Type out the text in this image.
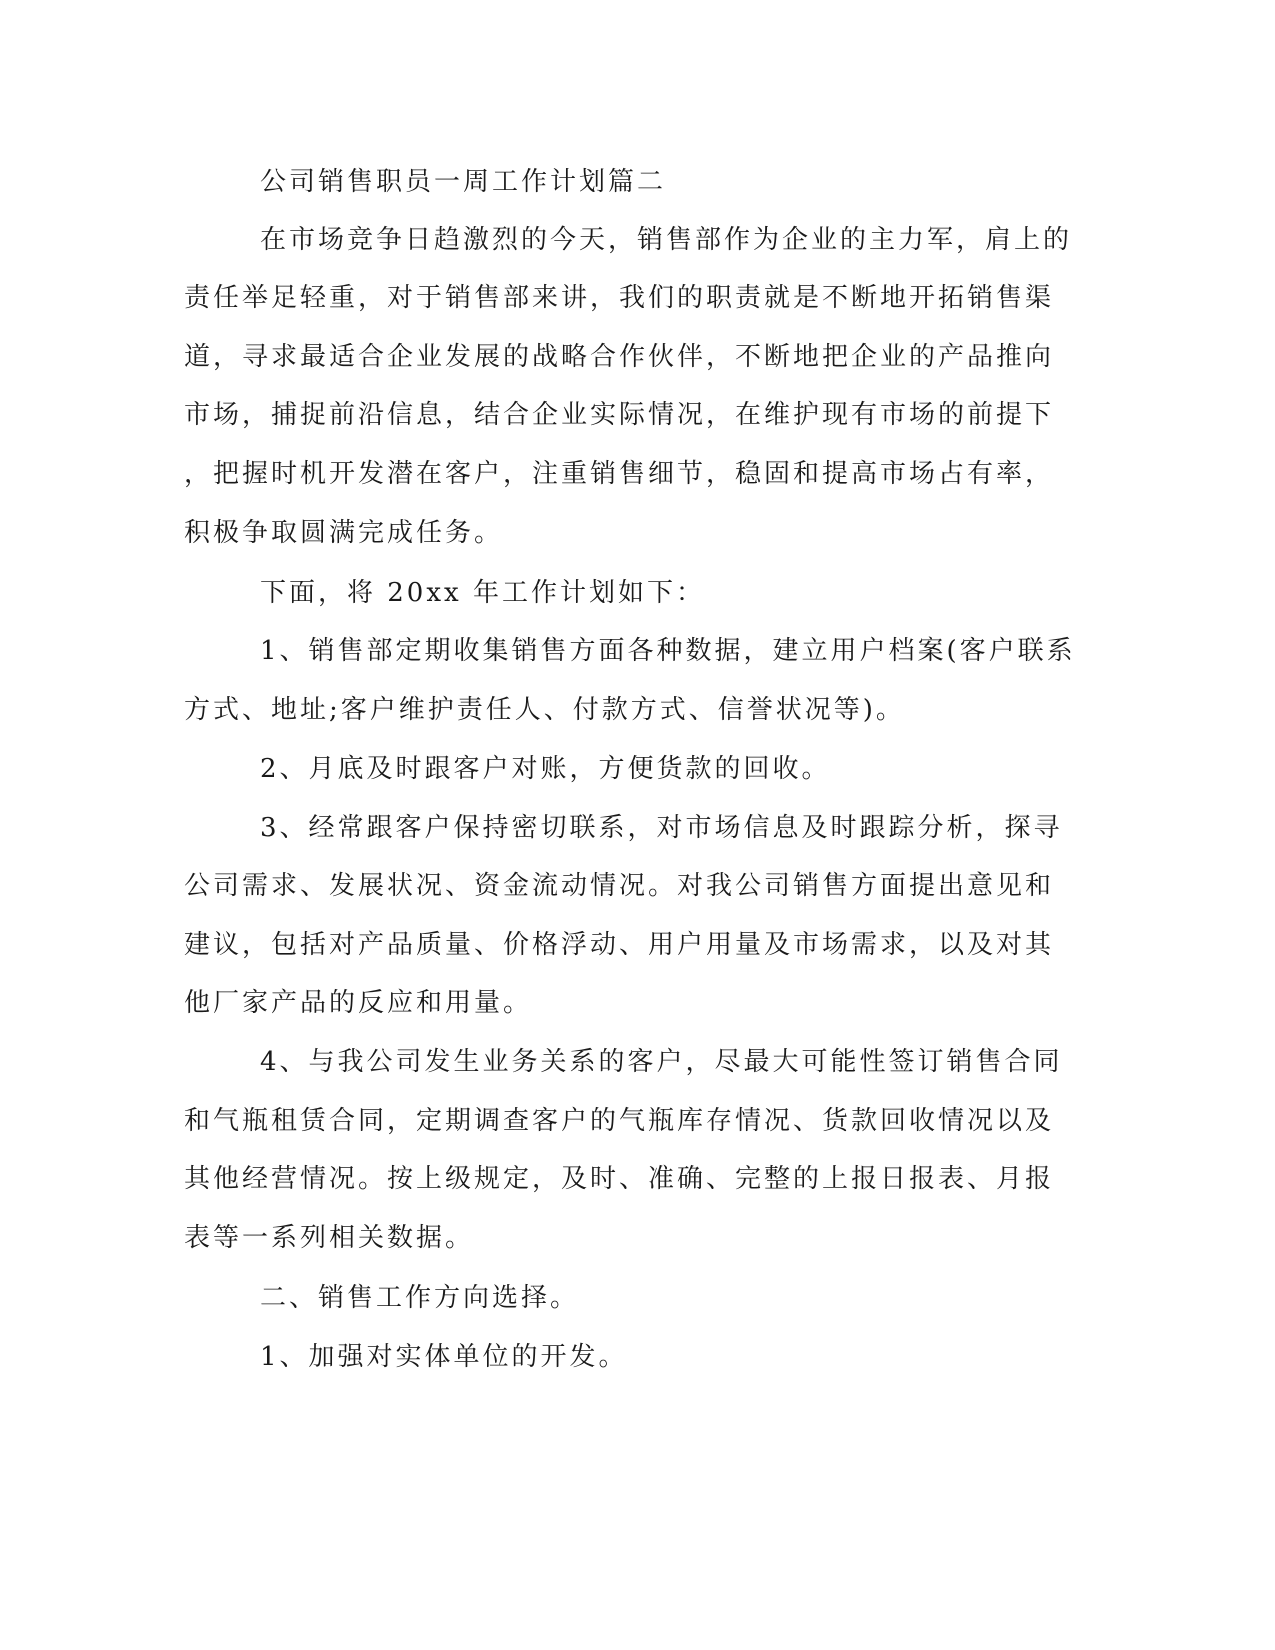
公司销售职员一周工作计划篇二
在市场竞争日趋激烈的今天，销售部作为企业的主力军，肩上的
责任举足轻重，对于销售部来讲，我们的职责就是不断地开拓销售渠
道，寻求最适合企业发展的战略合作伙伴，不断地把企业的产品推向
市场，捕捉前沿信息，结合企业实际情况，在维护现有市场的前提下
，把握时机开发潜在客户，注重销售细节，稳固和提高市场占有率，
积极争取圆满完成任务。
下面，将 20xx 年工作计划如下：
1、销售部定期收集销售方面各种数据，建立用户档案(客户联系
方式、地址;客户维护责任人、付款方式、信誉状况等)。
2、月底及时跟客户对账，方便货款的回收。
3、经常跟客户保持密切联系，对市场信息及时跟踪分析，探寻
公司需求、发展状况、资金流动情况。对我公司销售方面提出意见和
建议，包括对产品质量、价格浮动、用户用量及市场需求，以及对其
他厂家产品的反应和用量。
4、与我公司发生业务关系的客户，尽最大可能性签订销售合同
和气瓶租赁合同，定期调查客户的气瓶库存情况、货款回收情况以及
其他经营情况。按上级规定，及时、准确、完整的上报日报表、月报
表等一系列相关数据。
二、销售工作方向选择。
1、加强对实体单位的开发。
